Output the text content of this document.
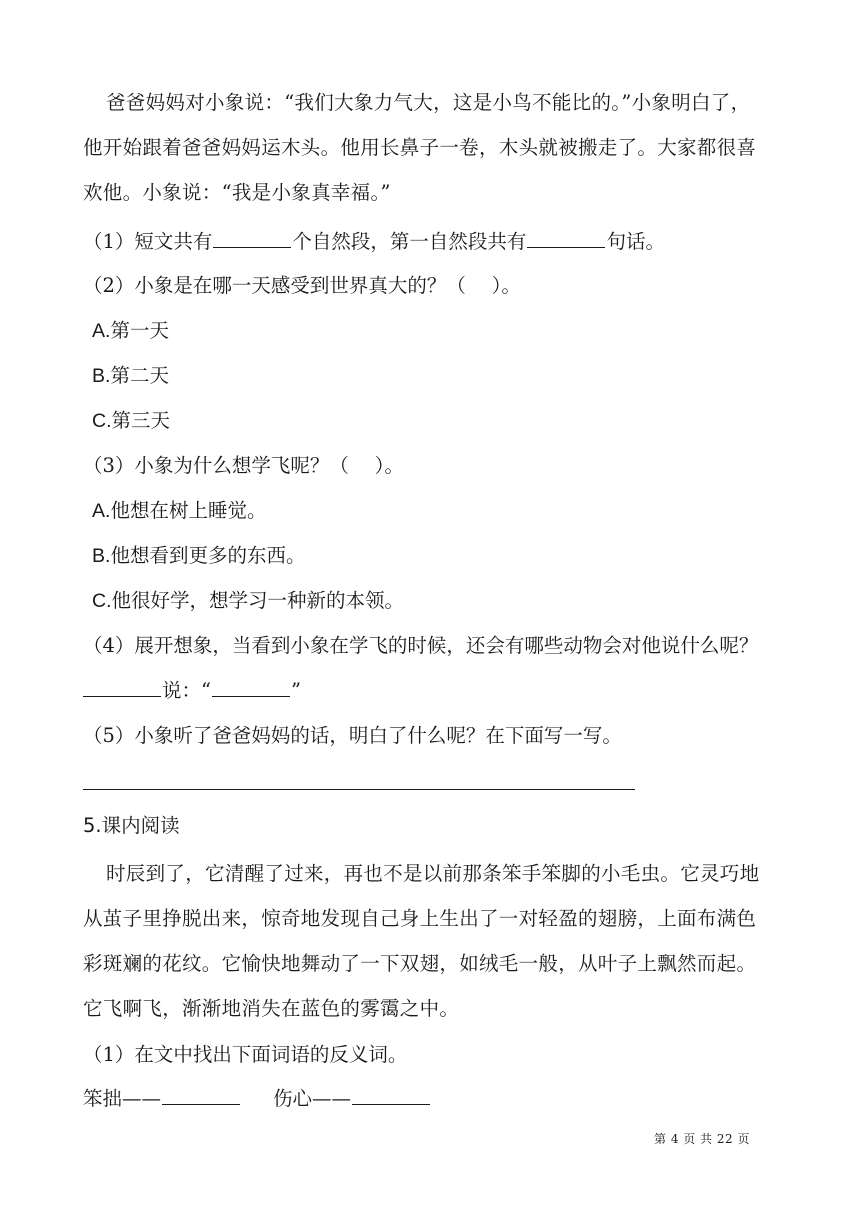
爸爸妈妈对小象说：“我们大象力气大，这是小鸟不能比的。”小象明白了，
他开始跟着爸爸妈妈运木头。他用长鼻子一卷，木头就被搬走了。大家都很喜
欢他。小象说：“我是小象真幸福。”
（1）短文共有	个自然段，第一自然段共有	句话。
（2）小象是在哪一天感受到世界真大的？（　 ）。
A.第一天
B.第二天
C.第三天
（3）小象为什么想学飞呢？（　 ）。
A.他想在树上睡觉。
B.他想看到更多的东西。
C.他很好学，想学习一种新的本领。
（4）展开想象，当看到小象在学飞的时候，还会有哪些动物会对他说什么呢？
说：“	”
（5）小象听了爸爸妈妈的话，明白了什么呢？在下面写一写。
5.课内阅读
时辰到了，它清醒了过来，再也不是以前那条笨手笨脚的小毛虫。它灵巧地
从茧子里挣脱出来，惊奇地发现自己身上生出了一对轻盈的翅膀，上面布满色
彩斑斓的花纹。它愉快地舞动了一下双翅，如绒毛一般，从叶子上飘然而起。
它飞啊飞，渐渐地消失在蓝色的雾霭之中。
（1）在文中找出下面词语的反义词。
笨拙——	伤心——
第 4 页 共 22 页
